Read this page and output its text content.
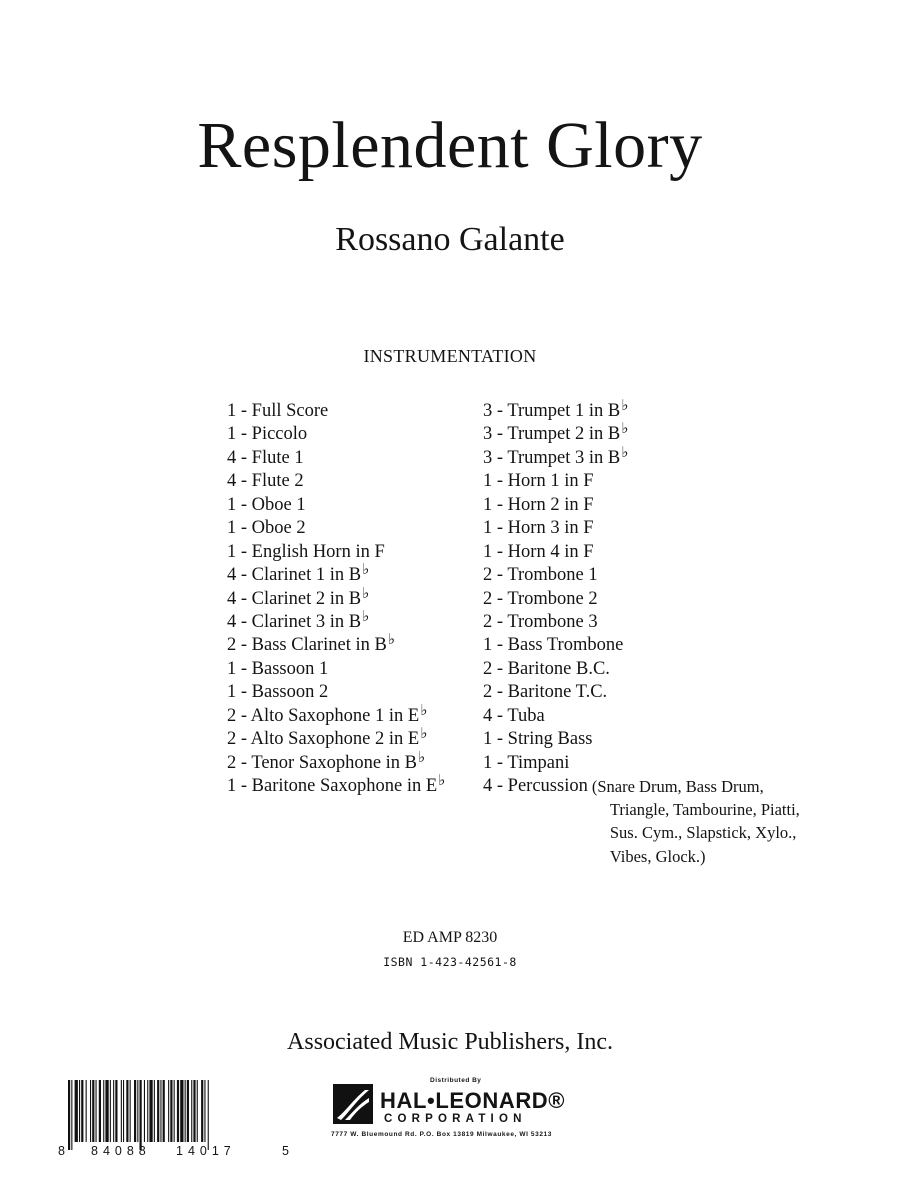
Resplendent Glory
Rossano Galante
INSTRUMENTATION
1 - Full Score
1 - Piccolo
4 - Flute 1
4 - Flute 2
1 - Oboe 1
1 - Oboe 2
1 - English Horn in F
4 - Clarinet 1 in B♭
4 - Clarinet 2 in B♭
4 - Clarinet 3 in B♭
2 - Bass Clarinet in B♭
1 - Bassoon 1
1 - Bassoon 2
2 - Alto Saxophone 1 in E♭
2 - Alto Saxophone 2 in E♭
2 - Tenor Saxophone in B♭
1 - Baritone Saxophone in E♭
3 - Trumpet 1 in B♭
3 - Trumpet 2 in B♭
3 - Trumpet 3 in B♭
1 - Horn 1 in F
1 - Horn 2 in F
1 - Horn 3 in F
1 - Horn 4 in F
2 - Trombone 1
2 - Trombone 2
2 - Trombone 3
1 - Bass Trombone
2 - Baritone B.C.
2 - Baritone T.C.
4 - Tuba
1 - String Bass
1 - Timpani
4 - Percussion (Snare Drum, Bass Drum,
Triangle, Tambourine, Piatti,
Sus. Cym., Slapstick, Xylo.,
Vibes, Glock.)
ED AMP 8230
ISBN 1-423-42561-8
Associated Music Publishers, Inc.
8 84088 14017	5
Distributed By
HAL•LEONARD®
CORPORATION
7777 W. Bluemound Rd. P.O. Box 13819 Milwaukee, WI 53213
